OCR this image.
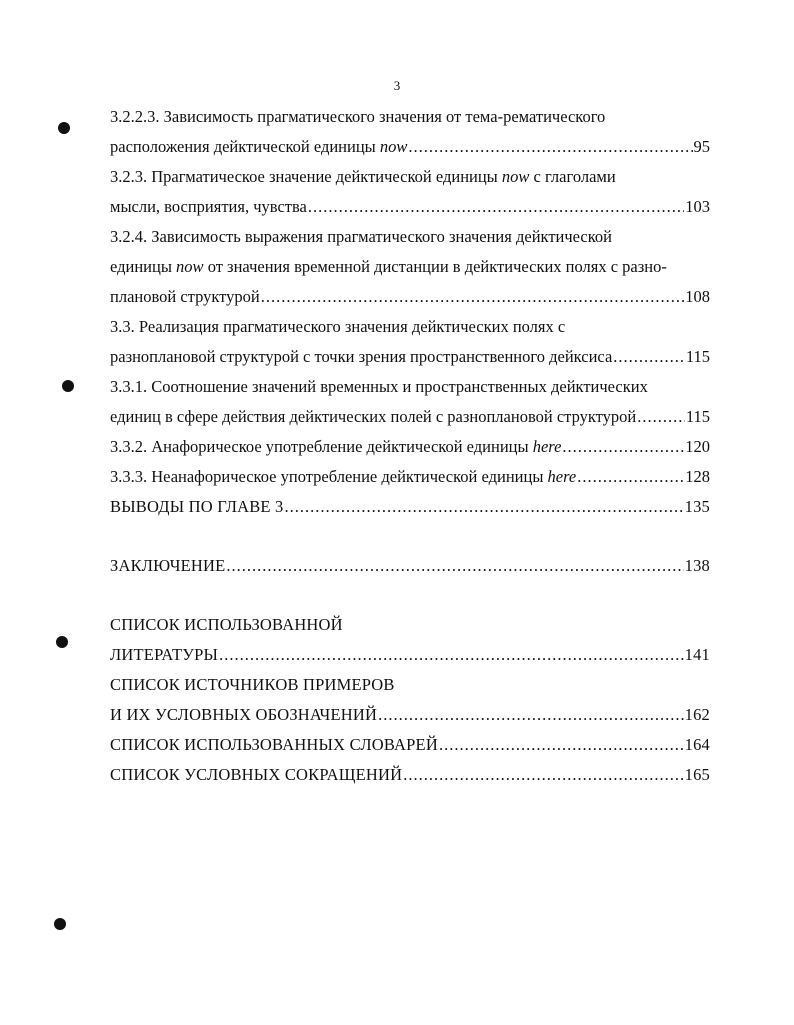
3
3.2.2.3. Зависимость прагматического значения от тема-рематического
расположения дейктической единицы now .....	95
3.2.3. Прагматическое значение дейктической единицы now с глаголами
мысли, восприятия, чувства .....	103
3.2.4. Зависимость выражения прагматического значения дейктической
единицы now от значения временной дистанции в дейктических полях с разно-
плановой структурой .....	108
3.3. Реализация прагматического значения дейктических полях с
разноплановой структурой с точки зрения пространственного дейксиса .....	115
3.3.1. Соотношение значений временных и пространственных дейктических
единиц в сфере действия дейктических полей с разноплановой структурой .....	115
3.3.2. Анафорическое употребление дейктической единицы here .....	120
3.3.3. Неанафорическое употребление дейктической единицы here .....	128
ВЫВОДЫ ПО ГЛАВЕ 3 .....	135
ЗАКЛЮЧЕНИЕ .....	138
СПИСОК ИСПОЛЬЗОВАННОЙ
ЛИТЕРАТУРЫ .....	141
СПИСОК ИСТОЧНИКОВ ПРИМЕРОВ
И ИХ УСЛОВНЫХ ОБОЗНАЧЕНИЙ .....	162
СПИСОК ИСПОЛЬЗОВАННЫХ СЛОВАРЕЙ .....	164
СПИСОК УСЛОВНЫХ СОКРАЩЕНИЙ .....	165
